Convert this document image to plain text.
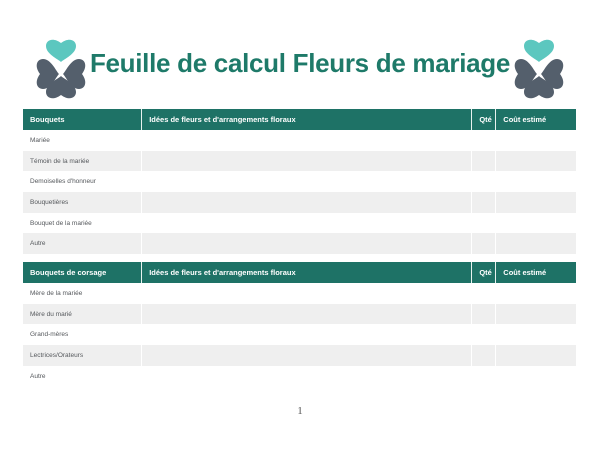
Feuille de calcul Fleurs de mariage
Bouquets	Idées de fleurs et d'arrangements floraux	Qté	Coût estimé
Mariée			
Témoin de la mariée			
Demoiselles d'honneur			
Bouquetières			
Bouquet de la mariée			
Autre			
Bouquets de corsage	Idées de fleurs et d'arrangements floraux	Qté	Coût estimé
Mère de la mariée			
Mère du marié			
Grand-mères			
Lectrices/Orateurs			
Autre			
1
